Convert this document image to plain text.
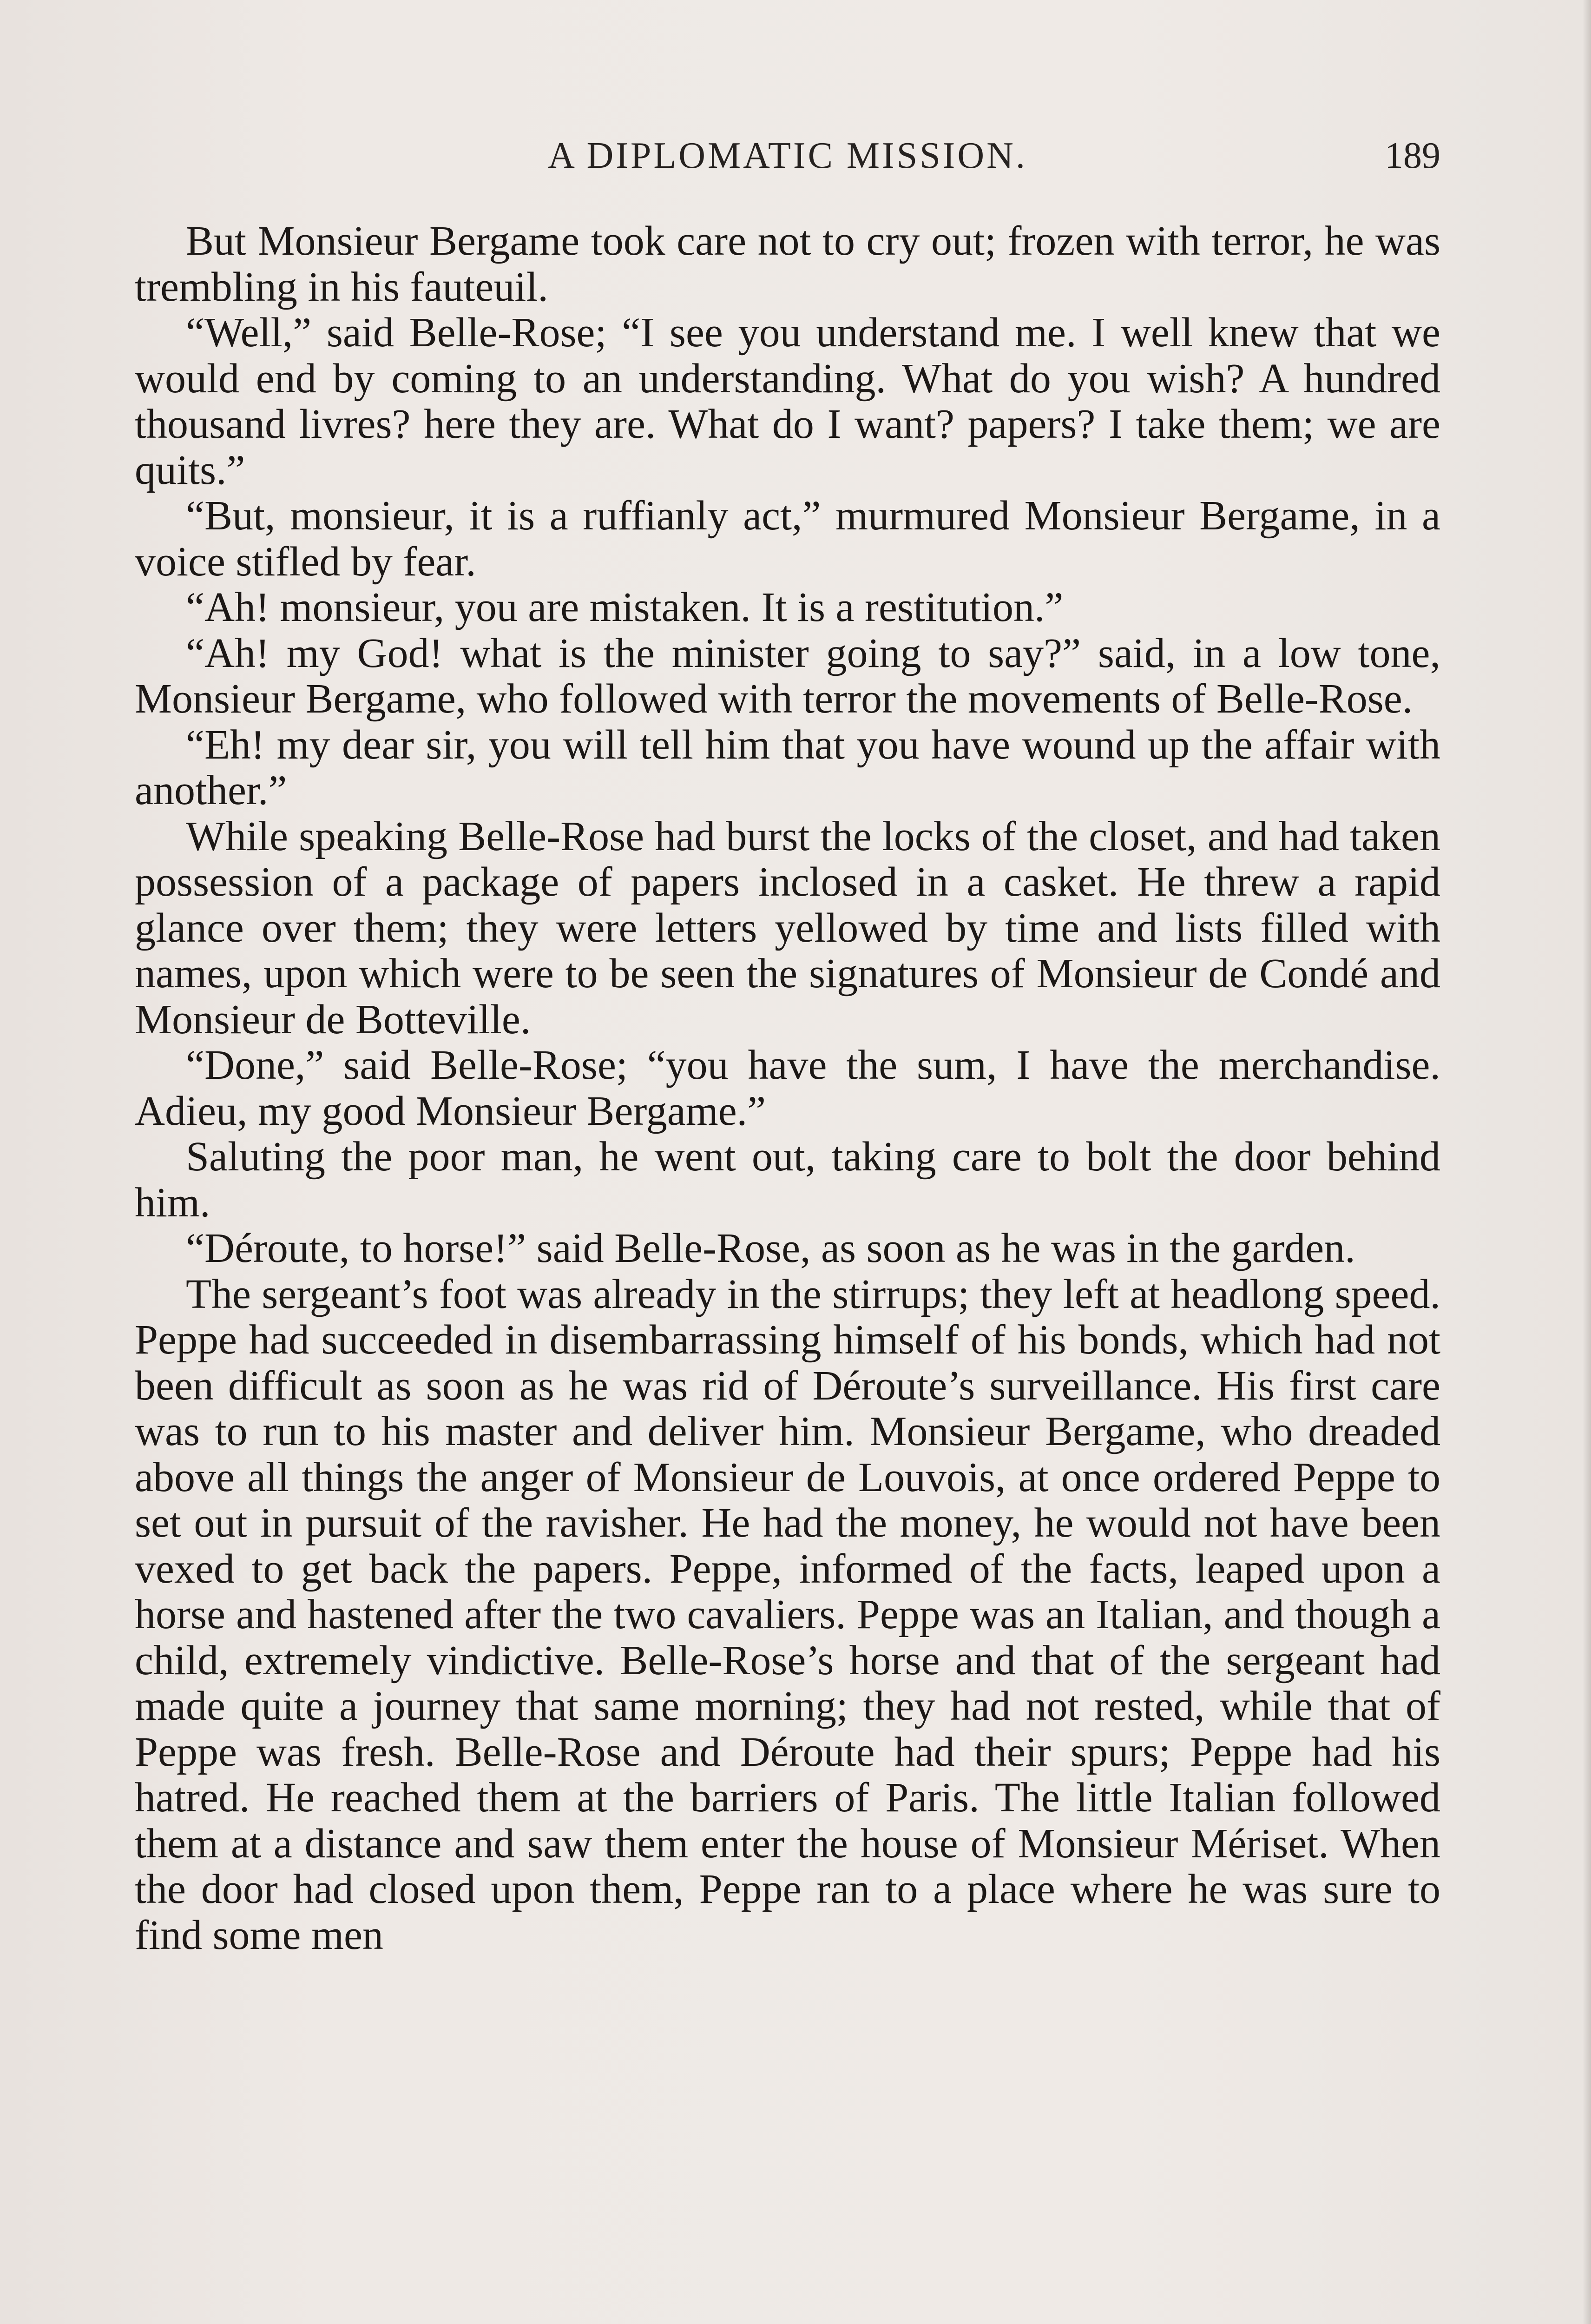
A DIPLOMATIC MISSION.	189

But Monsieur Bergame took care not to cry out; frozen with terror, he was trembling in his fauteuil.

“Well,” said Belle-Rose; “I see you understand me. I well knew that we would end by coming to an understanding. What do you wish? A hundred thousand livres? here they are. What do I want? papers? I take them; we are quits.”

“But, monsieur, it is a ruffianly act,” murmured Monsieur Bergame, in a voice stifled by fear.

“Ah! monsieur, you are mistaken. It is a restitution.”

“Ah! my God! what is the minister going to say?” said, in a low tone, Monsieur Bergame, who followed with terror the movements of Belle-Rose.

“Eh! my dear sir, you will tell him that you have wound up the affair with another.”

While speaking Belle-Rose had burst the locks of the closet, and had taken possession of a package of papers inclosed in a casket. He threw a rapid glance over them; they were letters yellowed by time and lists filled with names, upon which were to be seen the signatures of Monsieur de Condé and Monsieur de Botteville.

“Done,” said Belle-Rose; “you have the sum, I have the merchandise. Adieu, my good Monsieur Bergame.”

Saluting the poor man, he went out, taking care to bolt the door behind him.

“Déroute, to horse!” said Belle-Rose, as soon as he was in the garden.

The sergeant’s foot was already in the stirrups; they left at headlong speed. Peppe had succeeded in disembarrassing himself of his bonds, which had not been difficult as soon as he was rid of Déroute’s surveillance. His first care was to run to his master and deliver him. Monsieur Bergame, who dreaded above all things the anger of Monsieur de Louvois, at once ordered Peppe to set out in pursuit of the ravisher. He had the money, he would not have been vexed to get back the papers. Peppe, informed of the facts, leaped upon a horse and hastened after the two cavaliers. Peppe was an Italian, and though a child, extremely vindictive. Belle-Rose’s horse and that of the sergeant had made quite a journey that same morning; they had not rested, while that of Peppe was fresh. Belle-Rose and Déroute had their spurs; Peppe had his hatred. He reached them at the barriers of Paris. The little Italian followed them at a distance and saw them enter the house of Monsieur Mériset. When the door had closed upon them, Peppe ran to a place where he was sure to find some men
